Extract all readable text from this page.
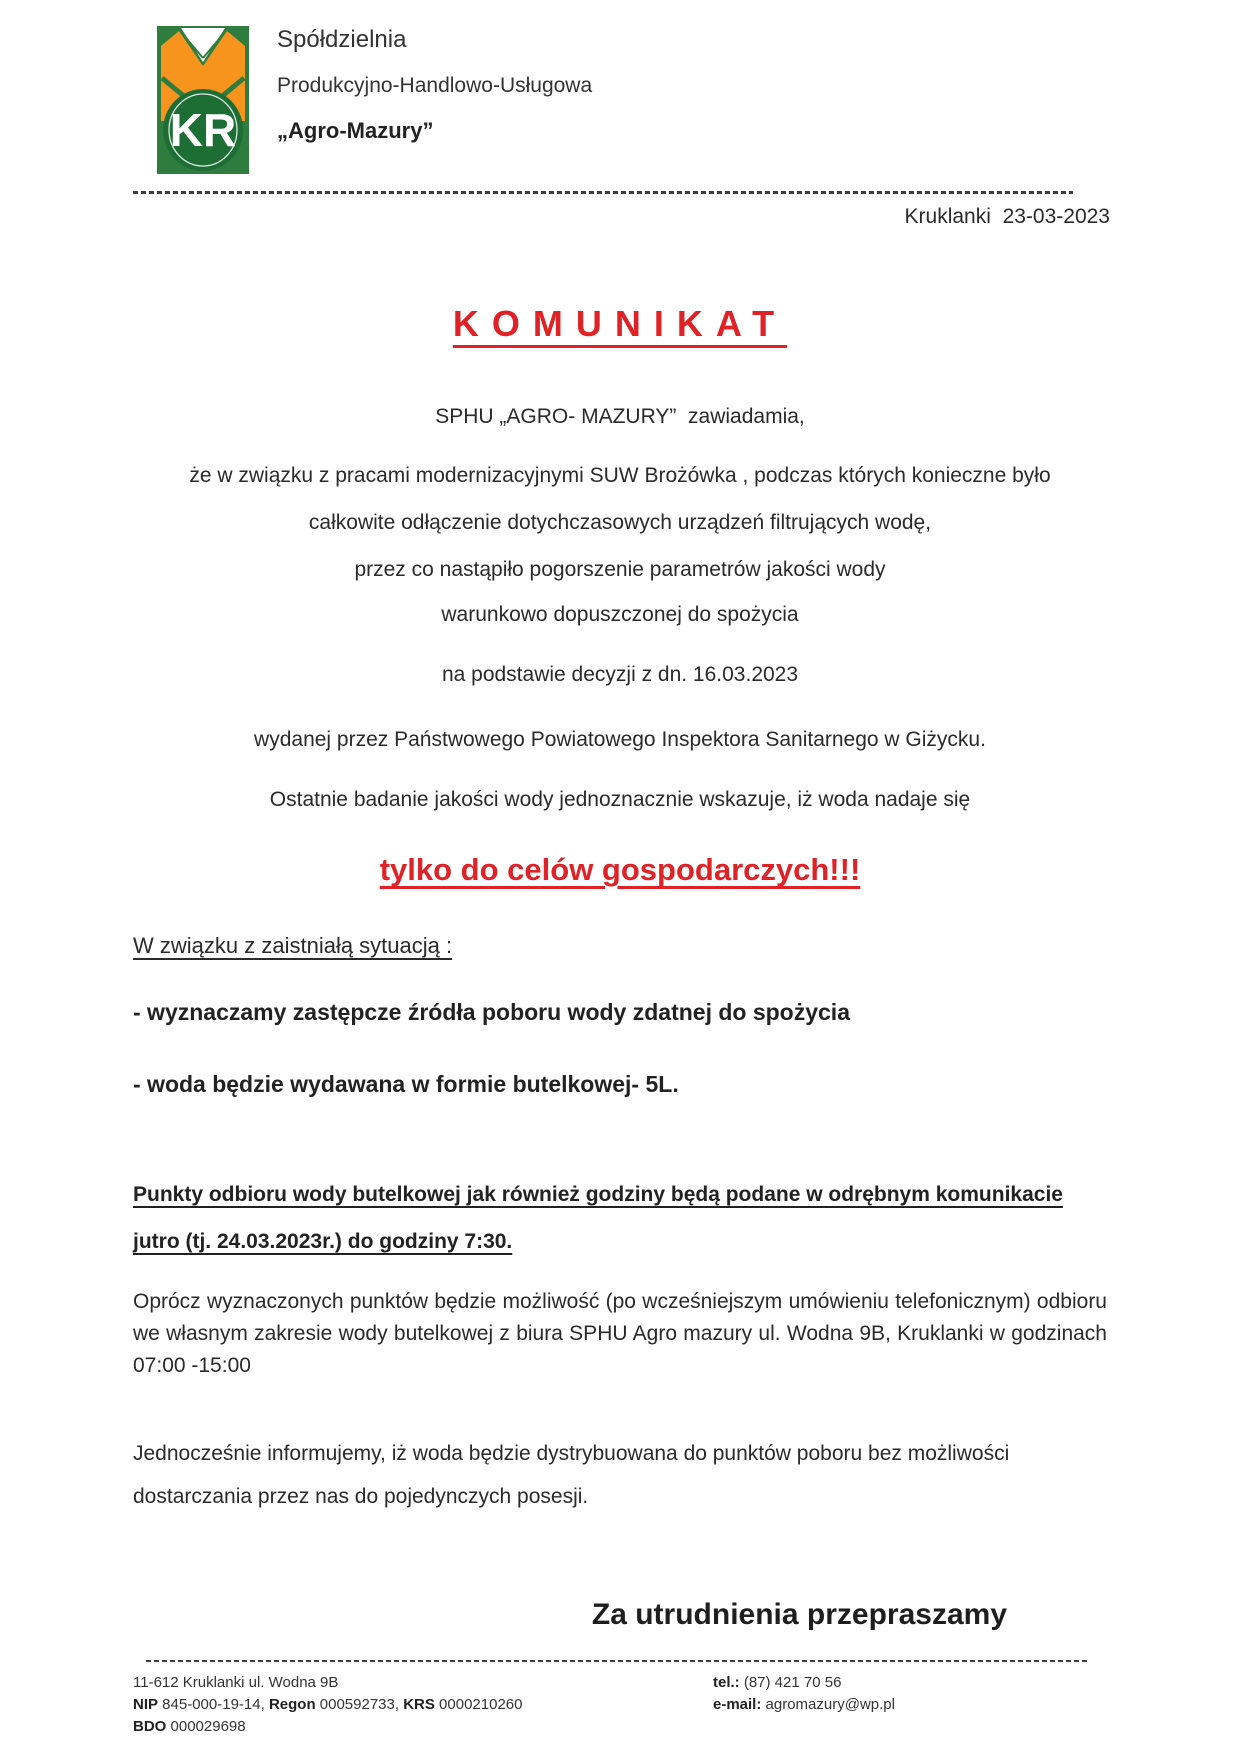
KR
Spółdzielnia
Produkcyjno-Handlowo-Usługowa
„Agro-Mazury”
Kruklanki  23-03-2023
KOMUNIKAT
SPHU „AGRO- MAZURY”  zawiadamia,
że w związku z pracami modernizacyjnymi SUW Brożówka , podczas których konieczne było
całkowite odłączenie dotychczasowych urządzeń filtrujących wodę,
przez co nastąpiło pogorszenie parametrów jakości wody
warunkowo dopuszczonej do spożycia
na podstawie decyzji z dn. 16.03.2023
wydanej przez Państwowego Powiatowego Inspektora Sanitarnego w Giżycku.
Ostatnie badanie jakości wody jednoznacznie wskazuje, iż woda nadaje się
tylko do celów gospodarczych!!!
W związku z zaistniałą sytuacją :
- wyznaczamy zastępcze źródła poboru wody zdatnej do spożycia
- woda będzie wydawana w formie butelkowej- 5L.
Punkty odbioru wody butelkowej jak również godziny będą podane w odrębnym komunikacie
jutro (tj. 24.03.2023r.) do godziny 7:30.
Oprócz wyznaczonych punktów będzie możliwość (po wcześniejszym umówieniu telefonicznym) odbioru we własnym zakresie wody butelkowej z biura SPHU Agro mazury ul. Wodna 9B, Kruklanki w godzinach 07:00 -15:00
Jednocześnie informujemy, iż woda będzie dystrybuowana do punktów poboru bez możliwości
dostarczania przez nas do pojedynczych posesji.
Za utrudnienia przepraszamy
11-612 Kruklanki ul. Wodna 9B
NIP 845-000-19-14, Regon 000592733, KRS 0000210260
BDO 000029698
tel.: (87) 421 70 56
e-mail: agromazury@wp.pl
